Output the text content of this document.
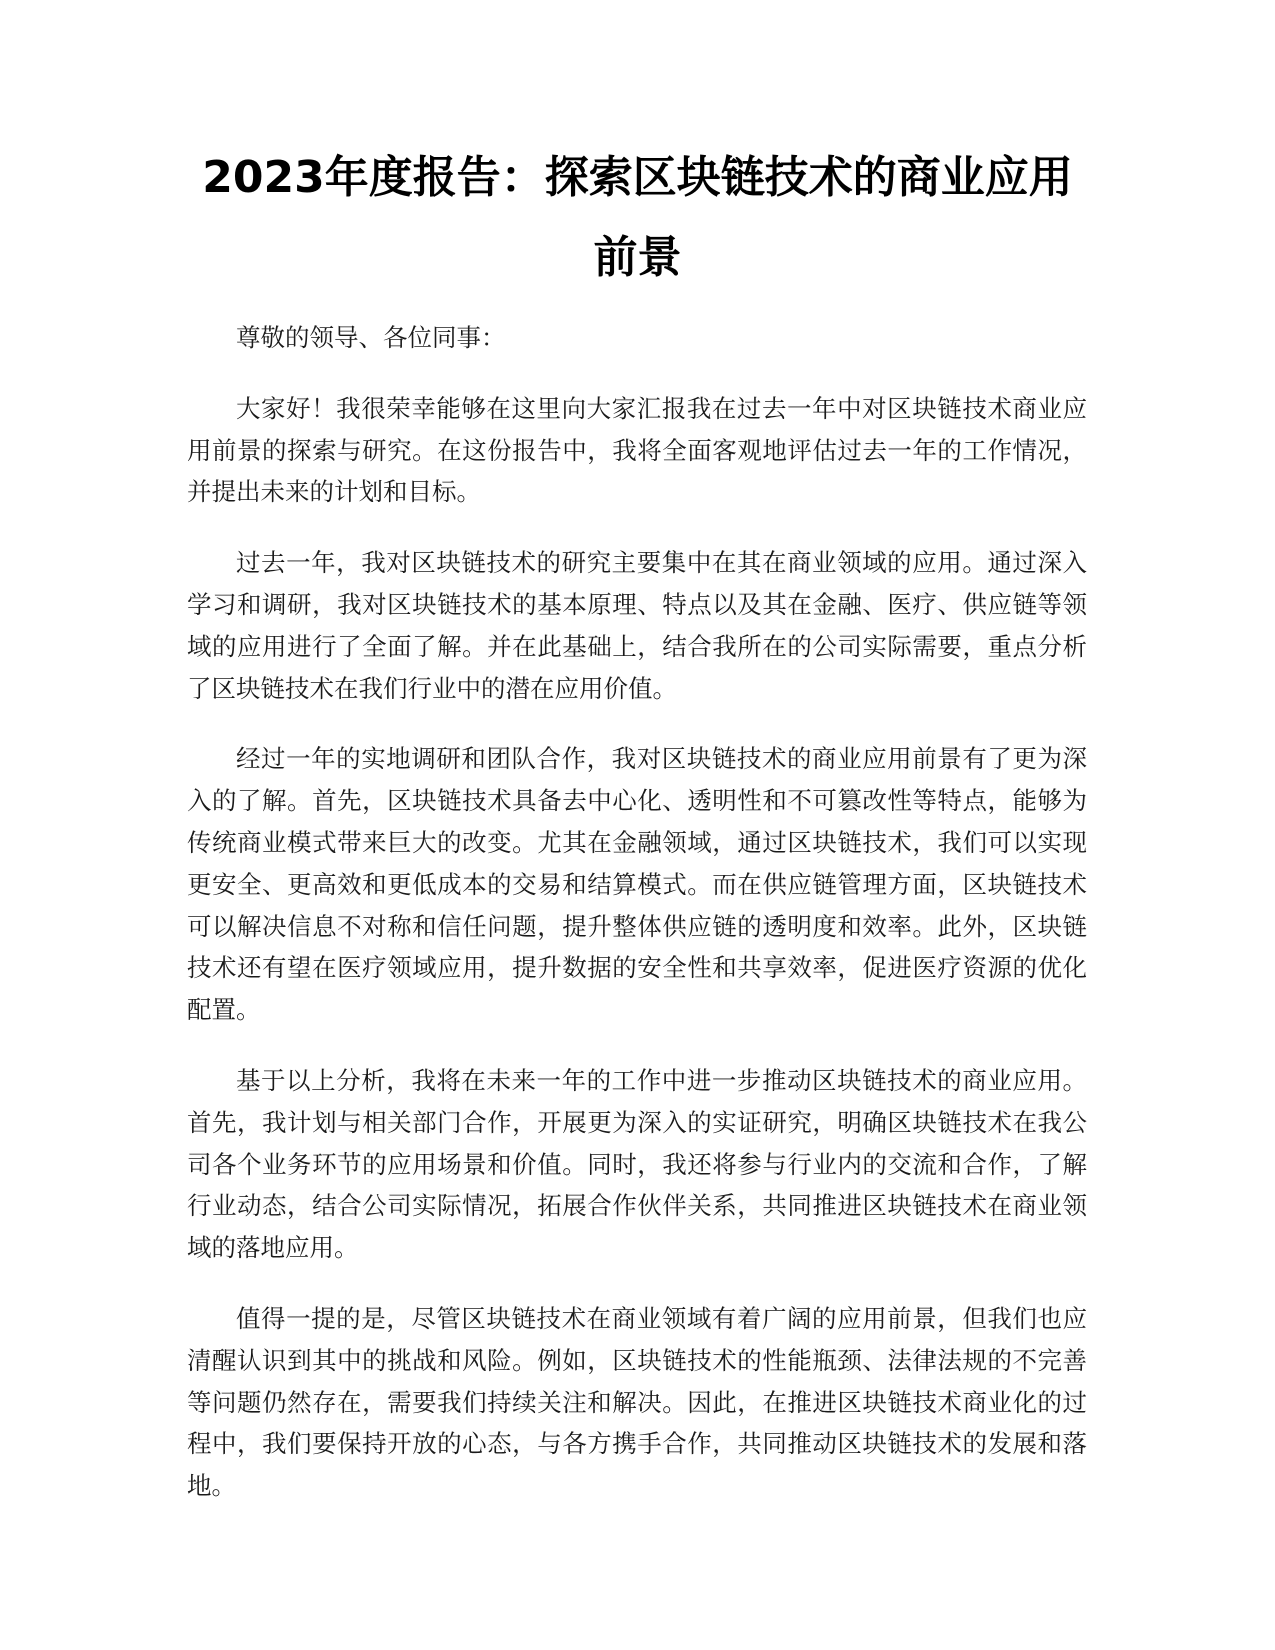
2023年度报告：探索区块链技术的商业应用
前景

尊敬的领导、各位同事：

大家好！我很荣幸能够在这里向大家汇报我在过去一年中对区块链技术商业应用前景的探索与研究。在这份报告中，我将全面客观地评估过去一年的工作情况，并提出未来的计划和目标。

过去一年，我对区块链技术的研究主要集中在其在商业领域的应用。通过深入学习和调研，我对区块链技术的基本原理、特点以及其在金融、医疗、供应链等领域的应用进行了全面了解。并在此基础上，结合我所在的公司实际需要，重点分析了区块链技术在我们行业中的潜在应用价值。

经过一年的实地调研和团队合作，我对区块链技术的商业应用前景有了更为深入的了解。首先，区块链技术具备去中心化、透明性和不可篡改性等特点，能够为传统商业模式带来巨大的改变。尤其在金融领域，通过区块链技术，我们可以实现更安全、更高效和更低成本的交易和结算模式。而在供应链管理方面，区块链技术可以解决信息不对称和信任问题，提升整体供应链的透明度和效率。此外，区块链技术还有望在医疗领域应用，提升数据的安全性和共享效率，促进医疗资源的优化配置。

基于以上分析，我将在未来一年的工作中进一步推动区块链技术的商业应用。首先，我计划与相关部门合作，开展更为深入的实证研究，明确区块链技术在我公司各个业务环节的应用场景和价值。同时，我还将参与行业内的交流和合作，了解行业动态，结合公司实际情况，拓展合作伙伴关系，共同推进区块链技术在商业领域的落地应用。

值得一提的是，尽管区块链技术在商业领域有着广阔的应用前景，但我们也应清醒认识到其中的挑战和风险。例如，区块链技术的性能瓶颈、法律法规的不完善等问题仍然存在，需要我们持续关注和解决。因此，在推进区块链技术商业化的过程中，我们要保持开放的心态，与各方携手合作，共同推动区块链技术的发展和落地。
